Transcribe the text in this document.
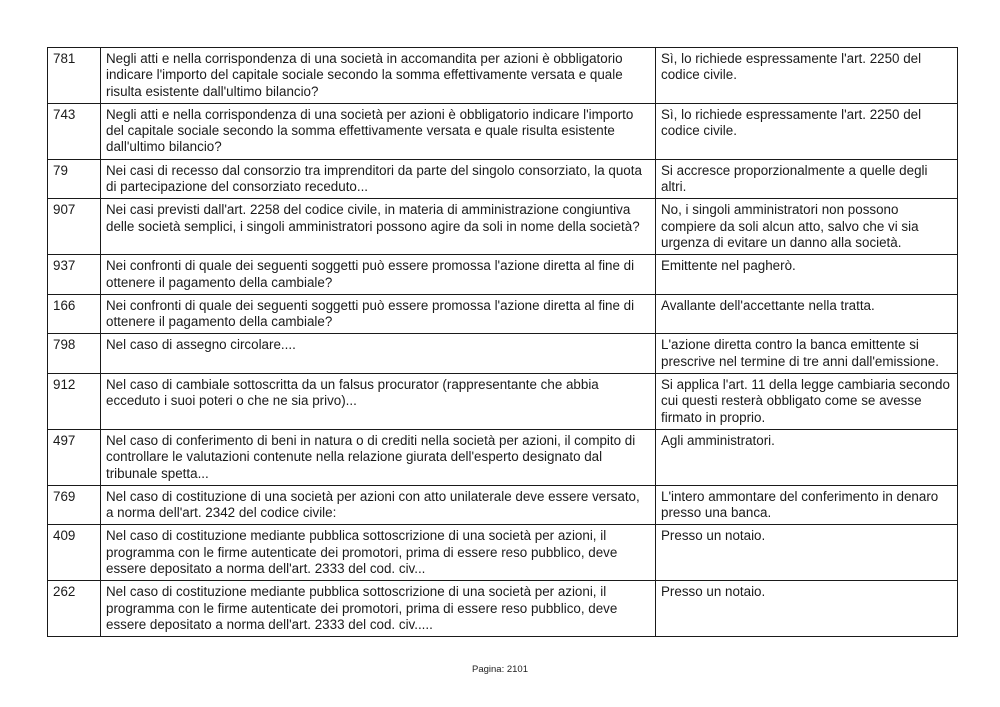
781	Negli atti e nella corrispondenza di una società in accomandita per azioni è obbligatorio indicare l'importo del capitale sociale secondo la somma effettivamente versata e quale risulta esistente dall'ultimo bilancio?	Sì, lo richiede espressamente l'art. 2250 del codice civile.
743	Negli atti e nella corrispondenza di una società per azioni è obbligatorio indicare l'importo del capitale sociale secondo la somma effettivamente versata e quale risulta esistente dall'ultimo bilancio?	Sì, lo richiede espressamente l'art. 2250 del codice civile.
79	Nei casi di recesso dal consorzio tra imprenditori da parte del singolo consorziato, la quota di partecipazione del consorziato receduto...	Si accresce proporzionalmente a quelle degli altri.
907	Nei casi previsti dall'art. 2258 del codice civile, in materia di amministrazione congiuntiva delle società semplici, i singoli amministratori possono agire da soli in nome della società?	No, i singoli amministratori non possono compiere da soli alcun atto, salvo che vi sia urgenza di evitare un danno alla società.
937	Nei confronti di quale dei seguenti soggetti può essere promossa l'azione diretta al fine di ottenere il pagamento della cambiale?	Emittente nel pagherò.
166	Nei confronti di quale dei seguenti soggetti può essere promossa l'azione diretta al fine di ottenere il pagamento della cambiale?	Avallante dell'accettante nella tratta.
798	Nel caso di assegno circolare....	L'azione diretta contro la banca emittente si prescrive nel termine di tre anni dall'emissione.
912	Nel caso di cambiale sottoscritta da un falsus procurator (rappresentante che abbia ecceduto i suoi poteri o che ne sia privo)...	Si applica l'art. 11 della legge cambiaria secondo cui questi resterà obbligato come se avesse firmato in proprio.
497	Nel caso di conferimento di beni in natura o di crediti nella società per azioni, il compito di controllare le valutazioni contenute nella relazione giurata dell'esperto designato dal tribunale spetta...	Agli amministratori.
769	Nel caso di costituzione di una società per azioni con atto unilaterale deve essere versato, a norma dell'art. 2342 del codice civile:	L'intero ammontare del conferimento in denaro presso una banca.
409	Nel caso di costituzione mediante pubblica sottoscrizione di una società per azioni, il programma con le firme autenticate dei promotori, prima di essere reso pubblico, deve essere depositato a norma dell'art. 2333 del cod. civ...	Presso un notaio.
262	Nel caso di costituzione mediante pubblica sottoscrizione di una società per azioni, il programma con le firme autenticate dei promotori, prima di essere reso pubblico, deve essere depositato a norma dell'art. 2333 del cod. civ.....	Presso un notaio.
Pagina: 2101
